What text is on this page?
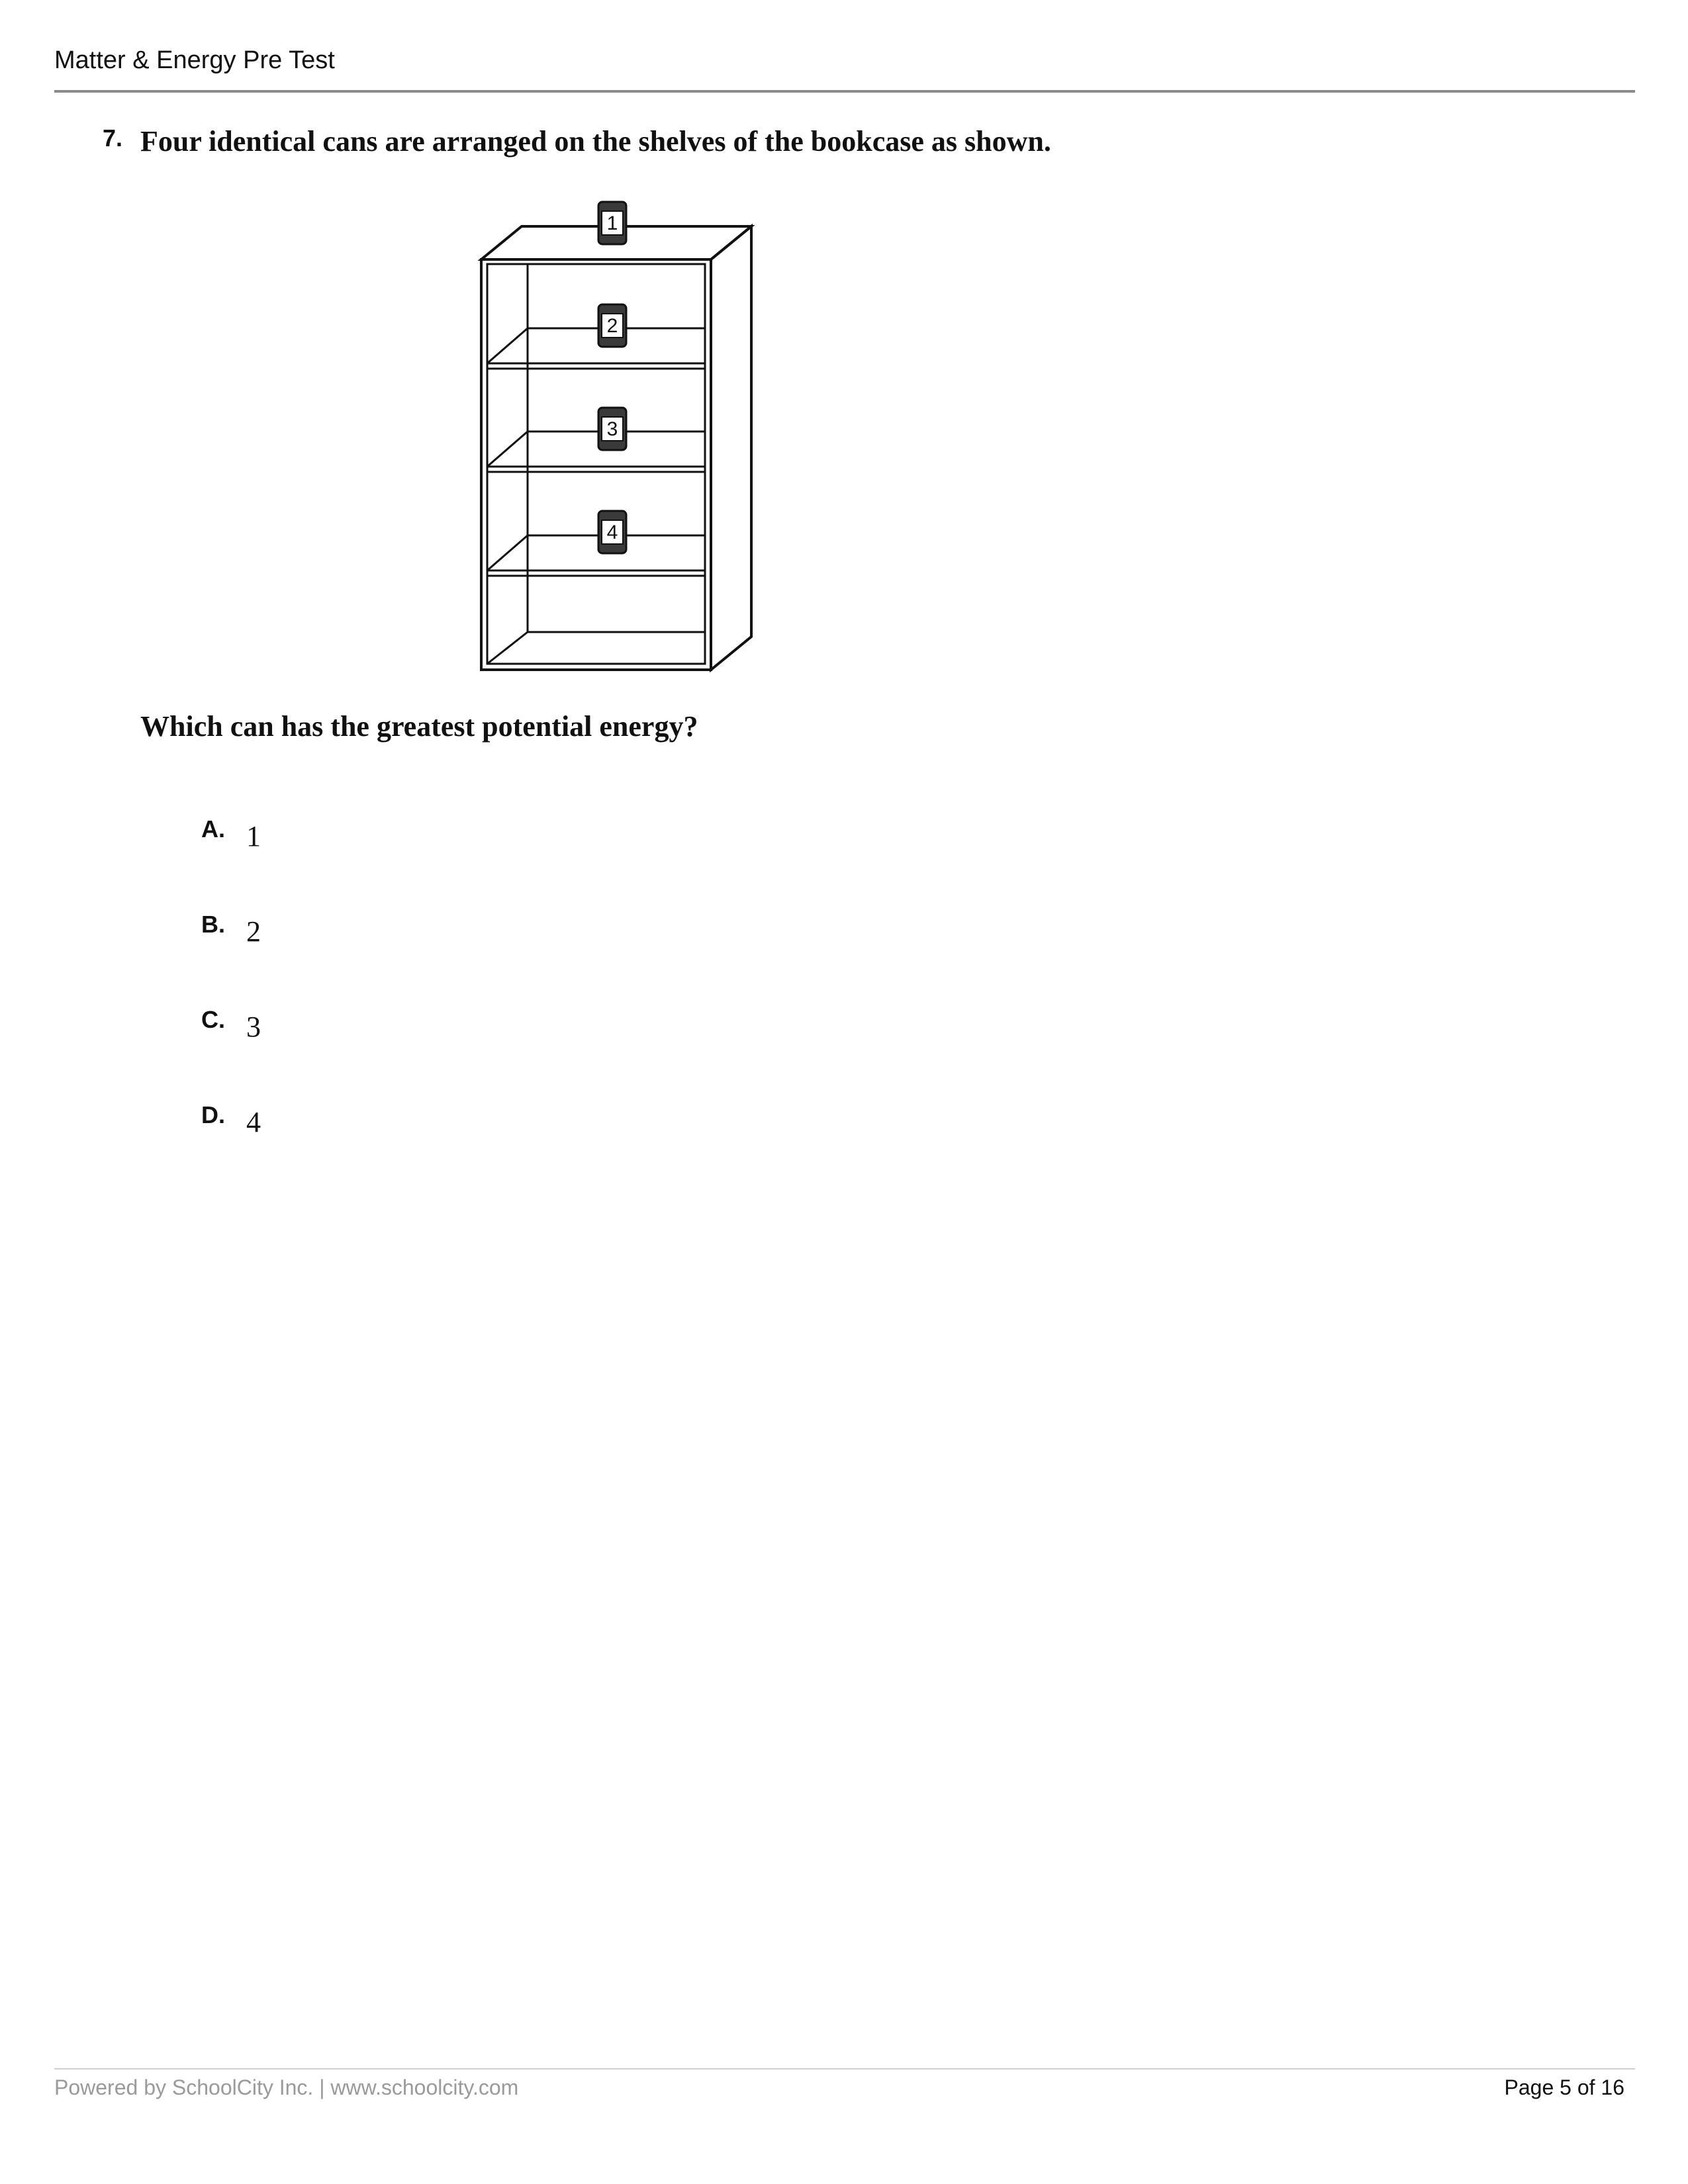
Matter & Energy Pre Test
7. Four identical cans are arranged on the shelves of the bookcase as shown.
1
2
3
4
Which can has the greatest potential energy?
A. 1
B. 2
C. 3
D. 4
Powered by SchoolCity Inc. | www.schoolcity.com	Page 5 of 16
